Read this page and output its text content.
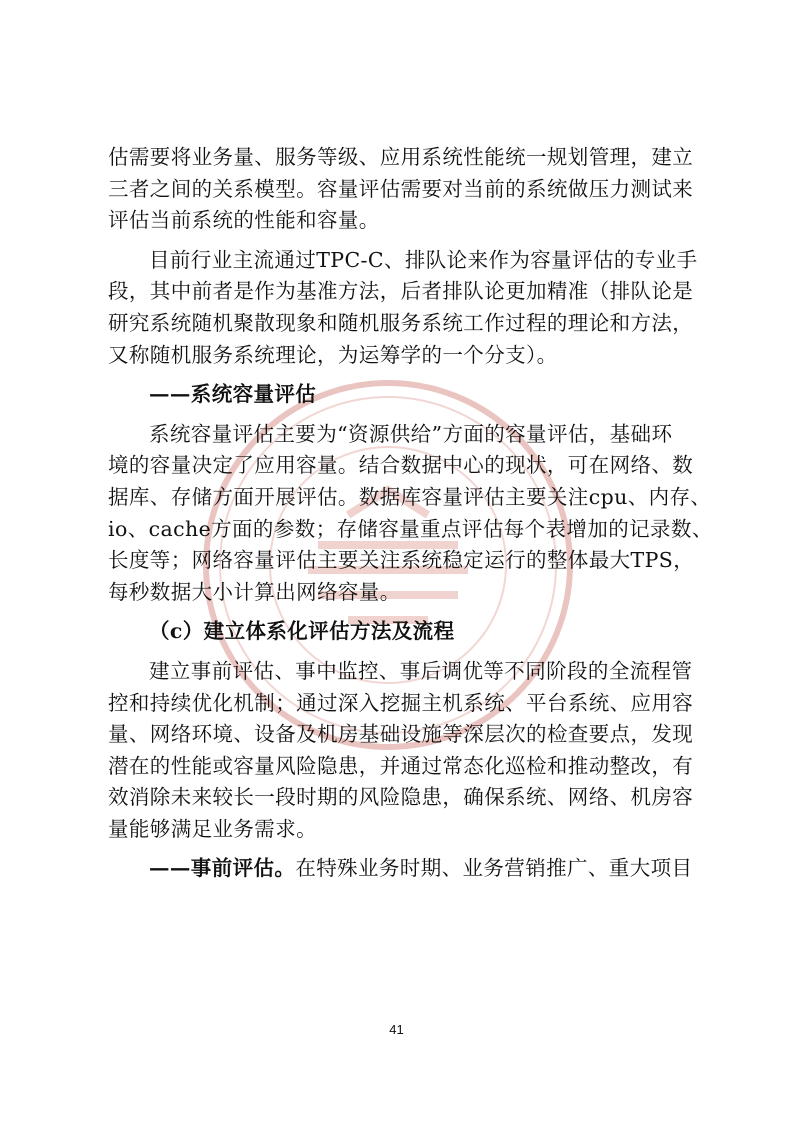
估需要将业务量、服务等级、应用系统性能统一规划管理，建立
三者之间的关系模型。容量评估需要对当前的系统做压力测试来
评估当前系统的性能和容量。
目前行业主流通过TPC-C、排队论来作为容量评估的专业手
段，其中前者是作为基准方法，后者排队论更加精准（排队论是
研究系统随机聚散现象和随机服务系统工作过程的理论和方法，
又称随机服务系统理论，为运筹学的一个分支）。
——系统容量评估
系统容量评估主要为“资源供给”方面的容量评估，基础环
境的容量决定了应用容量。结合数据中心的现状，可在网络、数
据库、存储方面开展评估。数据库容量评估主要关注cpu、内存、
io、cache方面的参数；存储容量重点评估每个表增加的记录数、
长度等；网络容量评估主要关注系统稳定运行的整体最大TPS，
每秒数据大小计算出网络容量。
（c）建立体系化评估方法及流程
建立事前评估、事中监控、事后调优等不同阶段的全流程管
控和持续优化机制；通过深入挖掘主机系统、平台系统、应用容
量、网络环境、设备及机房基础设施等深层次的检查要点，发现
潜在的性能或容量风险隐患，并通过常态化巡检和推动整改，有
效消除未来较长一段时期的风险隐患，确保系统、网络、机房容
量能够满足业务需求。
——事前评估。在特殊业务时期、业务营销推广、重大项目
41
